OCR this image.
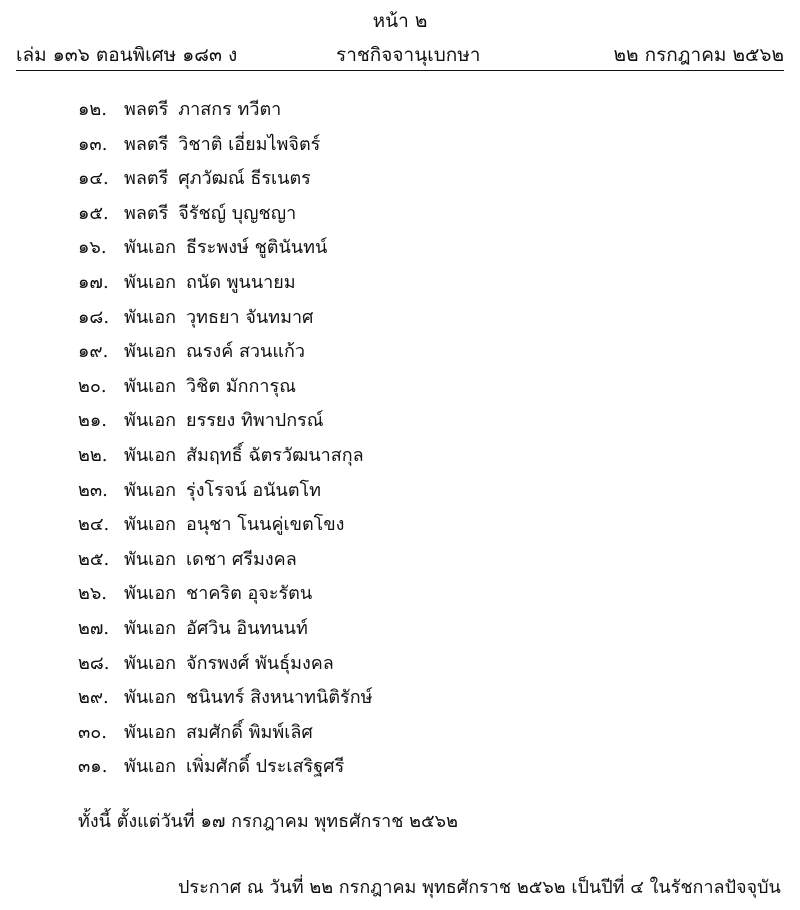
หน้า ๒
เล่ม ๑๓๖ ตอนพิเศษ ๑๘๓ ง	ราชกิจจานุเบกษา	๒๒ กรกฎาคม ๒๕๖๒
๑๒. พลตรี ภาสกร ทวีตา
๑๓. พลตรี วิชาติ เอี่ยมไพจิตร์
๑๔. พลตรี ศุภวัฒณ์ ธีรเนตร
๑๕. พลตรี จีรัชญ์ บุญชญา
๑๖. พันเอก ธีระพงษ์ ชูตินันทน์
๑๗. พันเอก ถนัด พูนนายม
๑๘. พันเอก วุทธยา จันทมาศ
๑๙. พันเอก ณรงค์ สวนแก้ว
๒๐. พันเอก วิชิต มักการุณ
๒๑. พันเอก ยรรยง ทิพาปกรณ์
๒๒. พันเอก สัมฤทธิ์ ฉัตรวัฒนาสกุล
๒๓. พันเอก รุ่งโรจน์ อนันตโท
๒๔. พันเอก อนุชา โนนคู่เขตโขง
๒๕. พันเอก เดชา ศรีมงคล
๒๖. พันเอก ชาคริต อุจะรัตน
๒๗. พันเอก อัศวิน อินทนนท์
๒๘. พันเอก จักรพงศ์ พันธุ์มงคล
๒๙. พันเอก ชนินทร์ สิงหนาทนิติรักษ์
๓๐. พันเอก สมศักดิ์ พิมพ์เลิศ
๓๑. พันเอก เพิ่มศักดิ์ ประเสริฐศรี
ทั้งนี้ ตั้งแต่วันที่ ๑๗ กรกฎาคม พุทธศักราช ๒๕๖๒
ประกาศ ณ วันที่ ๒๒ กรกฎาคม พุทธศักราช ๒๕๖๒ เป็นปีที่ ๔ ในรัชกาลปัจจุบัน
